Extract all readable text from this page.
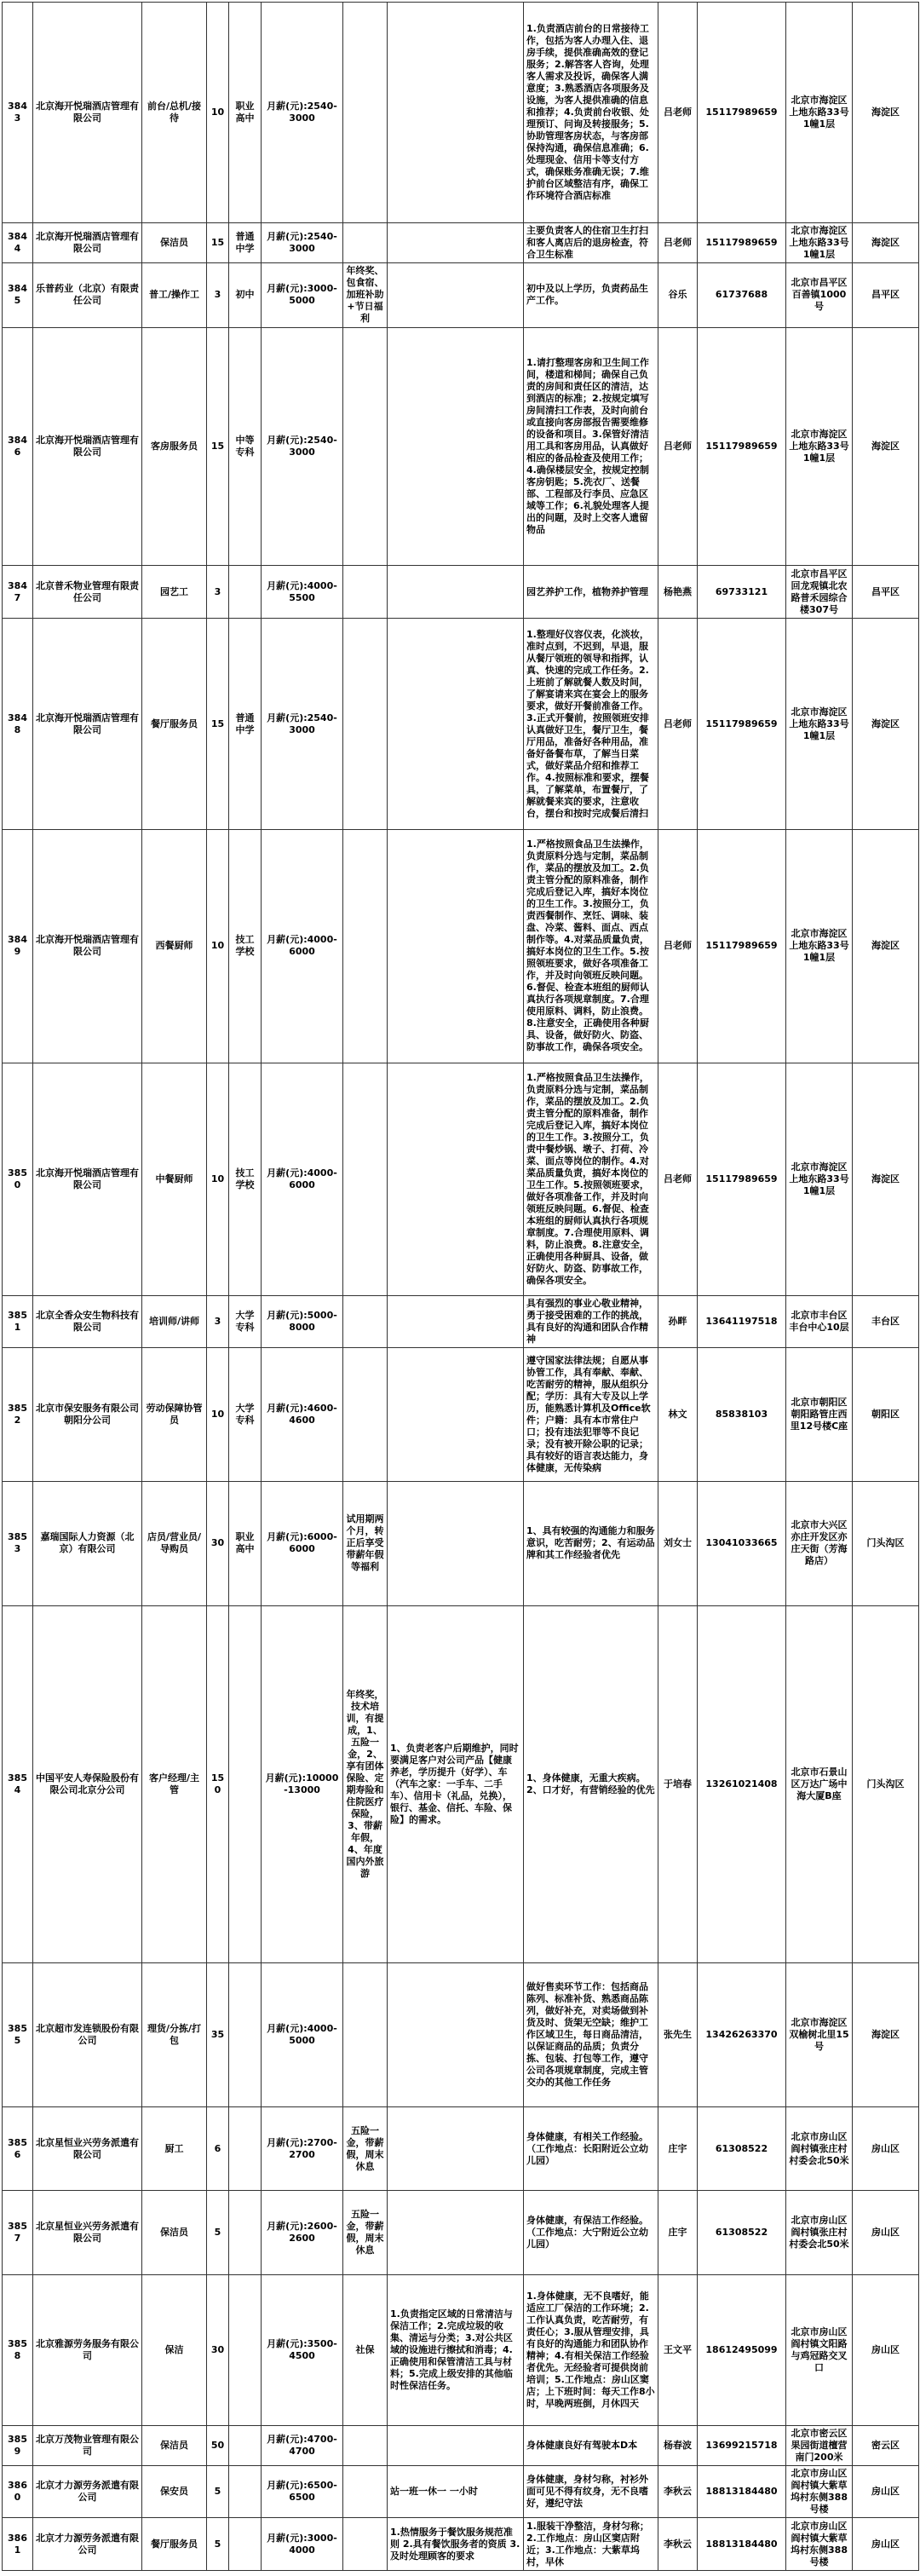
3843	北京海开悦瑞酒店管理有限公司	前台/总机/接待	10	职业高中	月薪(元):2540-3000			1.负责酒店前台的日常接待工作，包括为客人办理入住、退房手续，提供准确高效的登记服务；2.解答客人咨询，处理客人需求及投诉，确保客人满意度；3.熟悉酒店各项服务及设施，为客人提供准确的信息和推荐；4.负责前台收银、处理预订、问询及转接服务；5.协助管理客房状态，与客房部保持沟通，确保信息准确；6.处理现金、信用卡等支付方式，确保账务准确无误；7.维护前台区域整洁有序，确保工作环境符合酒店标准	吕老师	15117989659	北京市海淀区上地东路33号1幢1层	海淀区
3844	北京海开悦瑞酒店管理有限公司	保洁员	15	普通中学	月薪(元):2540-3000			主要负责客人的住宿卫生打扫和客人离店后的退房检查，符合卫生标准	吕老师	15117989659	北京市海淀区上地东路33号1幢1层	海淀区
3845	乐普药业（北京）有限责任公司	普工/操作工	3	初中	月薪(元):3000-5000	年终奖、包食宿、加班补助+节日福利		初中及以上学历，负责药品生产工作。	谷乐	61737688	北京市昌平区百善镇1000号	昌平区
3846	北京海开悦瑞酒店管理有限公司	客房服务员	15	中等专科	月薪(元):2540-3000			1.请打整理客房和卫生间工作间，楼道和梯间；确保自己负责的房间和责任区的清洁，达到酒店的标准；2.按规定填写房间清扫工作表，及时向前台或直接向客房部报告需要维修的设备和项目。3.保管好清洁用工具和客房用品，认真做好相应的备品检查及使用工作；4.确保楼层安全，按规定控制客房钥匙；5.洗衣厂、送餐部、工程部及行李员、应急区域等工作；6.礼貌处理客人提出的问题，及时上交客人遗留物品	吕老师	15117989659	北京市海淀区上地东路33号1幢1层	海淀区
3847	北京普禾物业管理有限责任公司	园艺工	3		月薪(元):4000-5500			园艺养护工作，植物养护管理	杨艳燕	69733121	北京市昌平区回龙观镇北农路普禾园综合楼307号	昌平区
3848	北京海开悦瑞酒店管理有限公司	餐厅服务员	15	普通中学	月薪(元):2540-3000			1.整理好仪容仪表，化淡妆，准时点到，不迟到，早退，服从餐厅领班的领导和指挥，认真、快速的完成工作任务。2.上班前了解就餐人数及时间，了解宴请来宾在宴会上的服务要求，做好开餐前准备工作。3.正式开餐前，按照领班安排认真做好卫生，餐厅卫生，餐厅用品，准备好各种用品，准备好备餐布草，了解当日菜式，做好菜品介绍和推荐工作。4.按照标准和要求，摆餐具，了解菜单，布置餐厅，了解就餐来宾的要求，注意收台，摆台和按时完成餐后清扫	吕老师	15117989659	北京市海淀区上地东路33号1幢1层	海淀区
3849	北京海开悦瑞酒店管理有限公司	西餐厨师	10	技工学校	月薪(元):4000-6000			1.严格按照食品卫生法操作，负责原料分选与定制，菜品制作，菜品的摆放及加工。2.负责主管分配的原料准备，制作完成后登记入库，搞好本岗位的卫生工作。3.按照分工，负责西餐制作、烹饪、调味、装盘、冷菜、酱料、面点、西点制作等。4.对菜品质量负责，搞好本岗位的卫生工作。5.按照领班要求，做好各项准备工作，并及时向领班反映问题。6.督促、检查本班组的厨师认真执行各项规章制度。7.合理使用原料、调料，防止浪费。8.注意安全，正确使用各种厨具、设备，做好防火、防盗、防事故工作，确保各项安全。	吕老师	15117989659	北京市海淀区上地东路33号1幢1层	海淀区
3850	北京海开悦瑞酒店管理有限公司	中餐厨师	10	技工学校	月薪(元):4000-6000			1.严格按照食品卫生法操作，负责原料分选与定制，菜品制作，菜品的摆放及加工。2.负责主管分配的原料准备，制作完成后登记入库，搞好本岗位的卫生工作。3.按照分工，负责中餐炒锅、墩子、打荷、冷菜、面点等岗位的制作。4.对菜品质量负责，搞好本岗位的卫生工作。5.按照领班要求，做好各项准备工作，并及时向领班反映问题。6.督促、检查本班组的厨师认真执行各项规章制度。7.合理使用原料、调料，防止浪费。8.注意安全，正确使用各种厨具、设备，做好防火、防盗、防事故工作，确保各项安全。	吕老师	15117989659	北京市海淀区上地东路33号1幢1层	海淀区
3851	北京全香众安生物科技有限公司	培训师/讲师	3	大学专科	月薪(元):5000-8000			具有强烈的事业心敬业精神，勇于接受困难的工作的挑战，具有良好的沟通和团队合作精神	孙畔	13641197518	北京市丰台区丰台中心10层	丰台区
3852	北京市保安服务有限公司朝阳分公司	劳动保障协管员	10	大学专科	月薪(元):4600-4600			遵守国家法律法规；自愿从事协管工作，具有奉献、奉献、吃苦耐劳的精神，服从组织分配；学历：具有大专及以上学历，能熟悉计算机及Office软件；户籍：具有本市常住户口；投有违法犯罪等不良记录；没有被开除公职的记录；具有较好的语言表达能力，身体健康，无传染病	林文	85838103	北京市朝阳区朝阳路管庄西里12号楼C座	朝阳区
3853	嘉瑞国际人力资源（北京）有限公司	店员/营业员/导购员	30	职业高中	月薪(元):6000-6000	试用期两个月，转正后享受带薪年假等福利		1、具有较强的沟通能力和服务意识，吃苦耐劳；2、有运动品牌和其工作经验者优先	刘女士	13041033665	北京市大兴区亦庄开发区亦庄天街（芳海路店）	门头沟区
3854	中国平安人寿保险股份有限公司北京分公司	客户经理/主管	150		月薪(元):10000-13000	年终奖，技术培训，有提成，1、五险一金，2、享有团体保险、定期寿险和住院医疗保险，3、带薪年假，4、年度国内外旅游	1、负责老客户后期维护，同时要满足客户对公司产品【健康养老，学历提升（好学）、车（汽车之家：一手车、二手车）、信用卡（礼品，兑换），银行、基金、信托、车险、保险】的需求。	1、身体健康，无重大疾病。2、口才好，有营销经验的优先	于培春	13261021408	北京市石景山区万达广场中海大厦B座	门头沟区
3855	北京超市发连锁股份有限公司	理货/分拣/打包	35		月薪(元):4000-5000			做好售卖环节工作：包括商品陈列、标准补货、熟悉商品陈列，做好补充，对卖场做到补货及时、货架无空缺；维护工作区域卫生，每日商品清洁，以保证商品的品质；负责分拣、包装、打包等工作，遵守公司各项规章制度，完成主管交办的其他工作任务	张先生	13426263370	北京市海淀区双榆树北里15号	海淀区
3856	北京星恒业兴劳务派遣有限公司	厨工	6		月薪(元):2700-2700	五险一金，带薪假，周末休息		身体健康，有相关工作经验。（工作地点：长阳附近公立幼儿园）	庄宇	61308522	北京市房山区阎村镇张庄村村委会北50米	房山区
3857	北京星恒业兴劳务派遣有限公司	保洁员	5		月薪(元):2600-2600	五险一金，带薪假，周末休息		身体健康，有保洁工作经验。（工作地点：大宁附近公立幼儿园）	庄宇	61308522	北京市房山区阎村镇张庄村村委会北50米	房山区
3858	北京雅源劳务服务有限公司	保洁	30		月薪(元):3500-4500	社保	1.负责指定区域的日常清洁与保洁工作；2.完成垃圾的收集、清运与分类；3.对公共区域的设施进行擦拭和消毒；4.正确使用和保管清洁工具与材料；5.完成上级安排的其他临时性保洁任务。	1.身体健康，无不良嗜好，能适应工厂保洁的工作环境；2.工作认真负责，吃苦耐劳，有责任心；3.服从管理安排，具有良好的沟通能力和团队协作精神；4.有相关保洁工作经验者优先。无经验者可提供岗前培训；5.工作地点：房山区窦店；上下班时间：每天工作8小时，早晚两班倒，月休四天	王文平	18612495099	北京市房山区阎村镇文阳路与鸡冠路交叉口	房山区
3859	北京万茂物业管理有限公司	保洁员	50		月薪(元):4700-4700			身体健康良好有驾驶本D本	杨春波	13699215718	北京市密云区果园街道檀营南门200米	密云区
3860	北京才力源劳务派遣有限公司	保安员	5		月薪(元):6500-6500		站一班一休一 一小时	身体健康，身材匀称，衬衫外面可见不得有纹身，无不良嗜好，遵纪守法	李秋云	18813184480	北京市房山区阎村镇大紫草坞村东侧388号楼	房山区
3861	北京才力源劳务派遣有限公司	餐厅服务员	5		月薪(元):3000-4000		1.热情服务于餐饮服务规范准则 2.具有餐饮服务者的资质 3.及时处理顾客的要求	1.服装干净整洁，身材匀称；2.工作地点：房山区窦店附近；3.工作地点：大紫草坞村，早休	李秋云	18813184480	北京市房山区阎村镇大紫草坞村东侧388号楼	房山区
